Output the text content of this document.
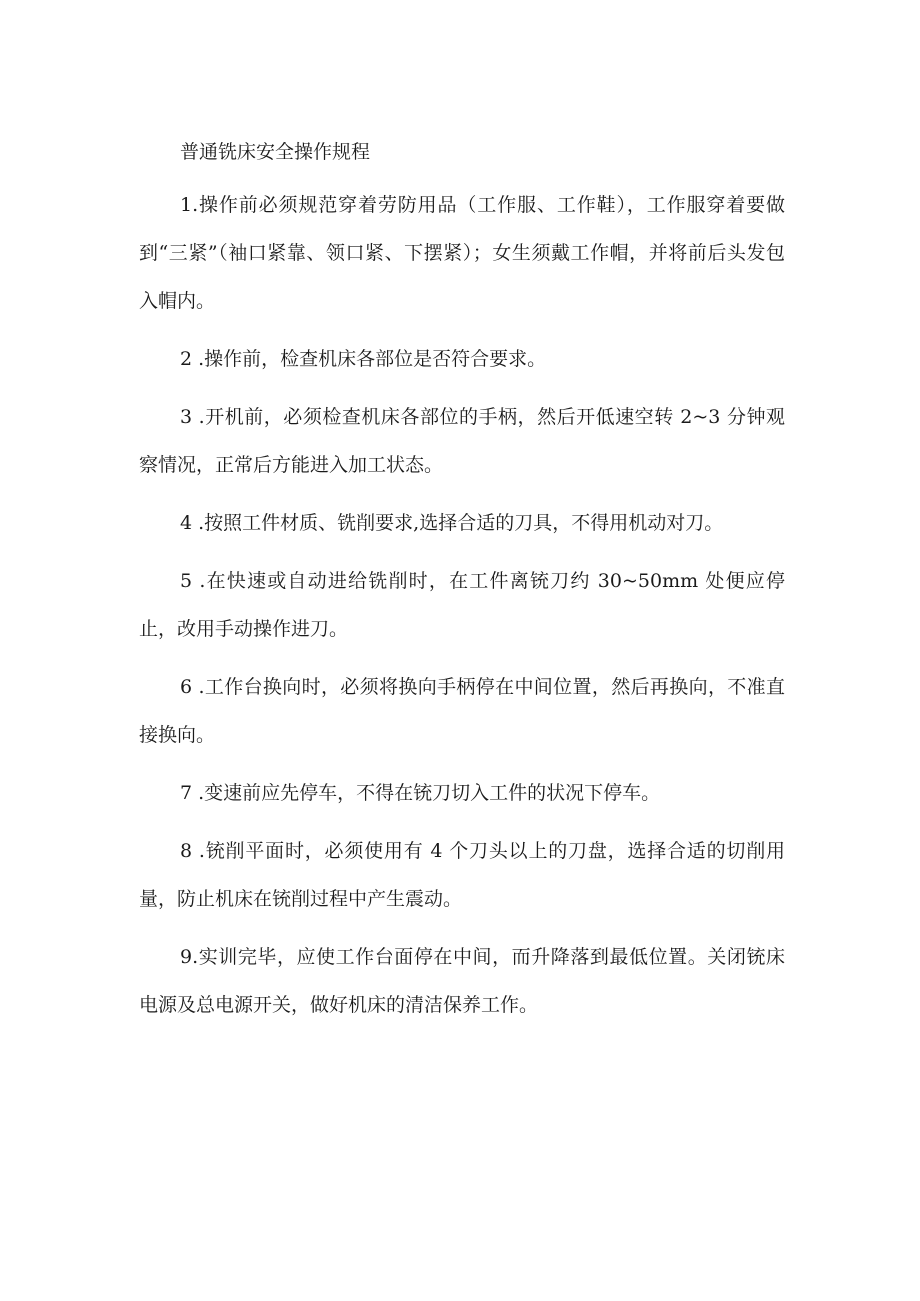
普通铣床安全操作规程

1.操作前必须规范穿着劳防用品（工作服、工作鞋），工作服穿着要做到“三紧”（袖口紧靠、领口紧、下摆紧）；女生须戴工作帽，并将前后头发包入帽内。

2 .操作前，检查机床各部位是否符合要求。

3 .开机前，必须检查机床各部位的手柄，然后开低速空转 2~3 分钟观察情况，正常后方能进入加工状态。

4 .按照工件材质、铣削要求,选择合适的刀具，不得用机动对刀。

5 .在快速或自动进给铣削时，在工件离铳刀约 30~50mm 处便应停止，改用手动操作进刀。

6 .工作台换向时，必须将换向手柄停在中间位置，然后再换向，不准直接换向。

7 .变速前应先停车，不得在铳刀切入工件的状况下停车。

8 .铳削平面时，必须使用有 4 个刀头以上的刀盘，选择合适的切削用量，防止机床在铳削过程中产生震动。

9.实训完毕，应使工作台面停在中间，而升降落到最低位置。关闭铳床电源及总电源开关，做好机床的清洁保养工作。
